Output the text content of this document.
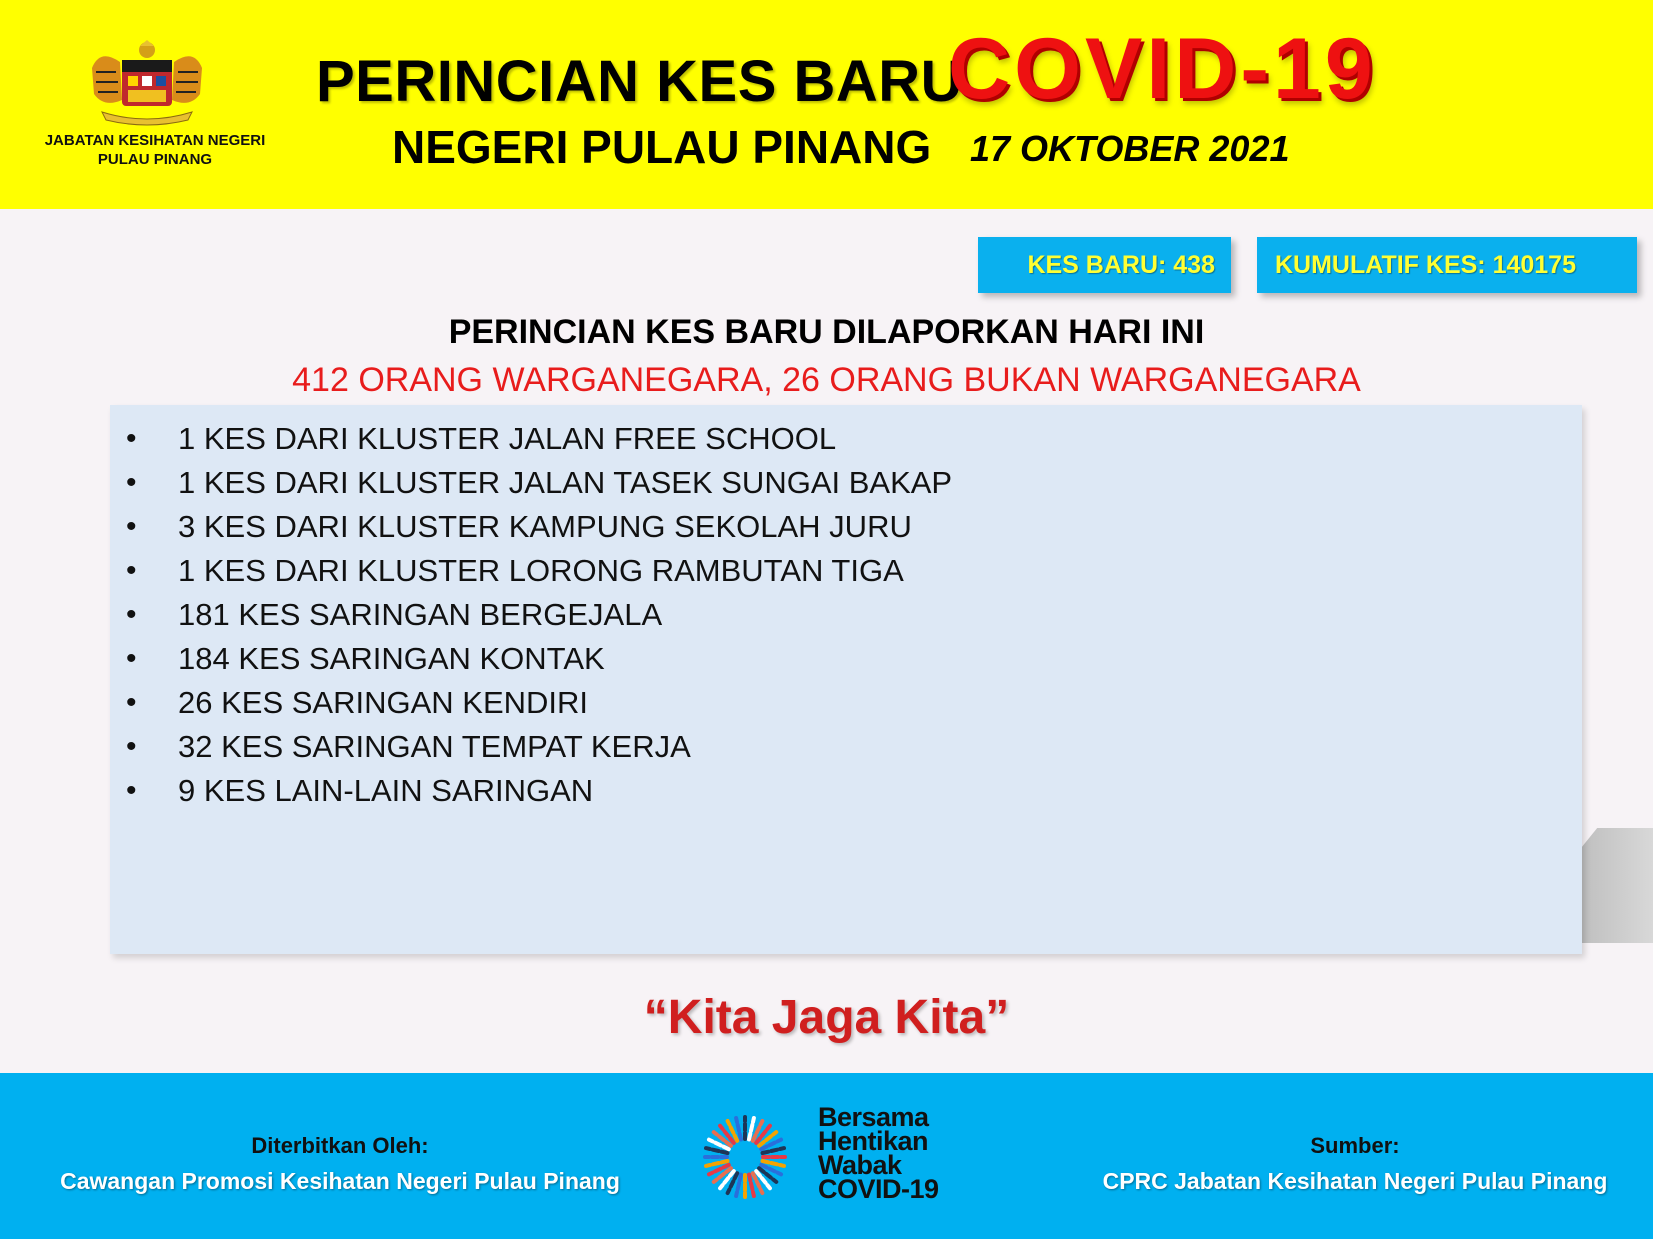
JABATAN KESIHATAN NEGERI
PULAU PINANG
PERINCIAN KES BARU
COVID-19
NEGERI PULAU PINANG 17 OKTOBER 2021
KES BARU: 438	KUMULATIF KES: 140175
PERINCIAN KES BARU DILAPORKAN HARI INI
412 ORANG WARGANEGARA, 26 ORANG BUKAN WARGANEGARA
• 1 KES DARI KLUSTER JALAN FREE SCHOOL
• 1 KES DARI KLUSTER JALAN TASEK SUNGAI BAKAP
• 3 KES DARI KLUSTER KAMPUNG SEKOLAH JURU
• 1 KES DARI KLUSTER LORONG RAMBUTAN TIGA
• 181 KES SARINGAN BERGEJALA
• 184 KES SARINGAN KONTAK
• 26 KES SARINGAN KENDIRI
• 32 KES SARINGAN TEMPAT KERJA
• 9 KES LAIN-LAIN SARINGAN
“Kita Jaga Kita”
Diterbitkan Oleh:
Cawangan Promosi Kesihatan Negeri Pulau Pinang
Bersama
Hentikan
Wabak
COVID-19
Sumber:
CPRC Jabatan Kesihatan Negeri Pulau Pinang
